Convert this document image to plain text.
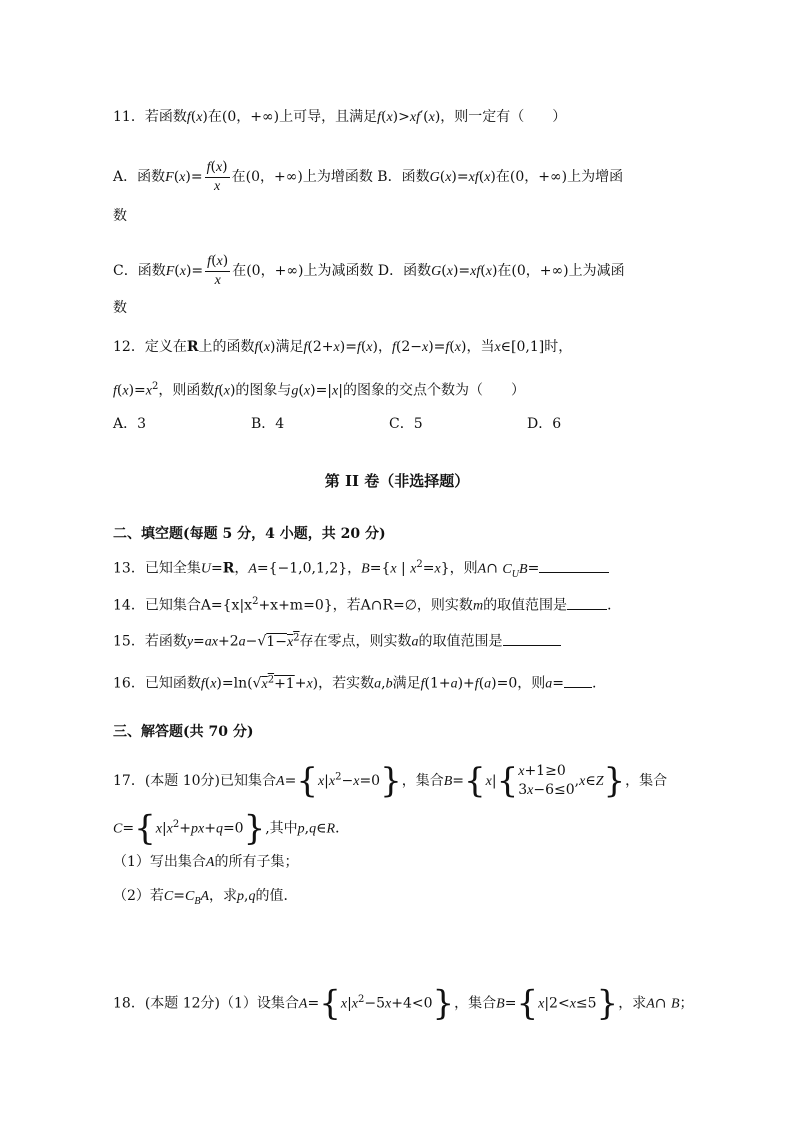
11．若函数f(x)在(0，+∞)上可导，且满足f(x)>xf′(x)，则一定有（　　）
A．函数$F(x)= \frac{f(x)}{x}$ 在(0，+∞)上为增函数 B．函数G(x)=xf(x)在(0，+∞)上为增函
数
C．函数$F(x)= \frac{f(x)}{x}$ 在(0，+∞)上为减函数 D．函数G(x)=xf(x)在(0，+∞)上为减函
数
12．定义在R上的函数f(x)满足f(2+x)=f(x)，f(2−x)=f(x)，当x∈[0,1]时，
$f(x)=x^2$，则函数f(x)的图象与g(x)=|x|的图象的交点个数为（　　）
A．3	B．4	C．5	D．6
第 II 卷（非选择题）
二、填空题(每题 5 分，4 小题，共 20 分)
13．已知全集U=R，A={−1,0,1,2}，B={x | $x^2=x$}，则A∩ $C_UB=$
14．已知集合$A=\{x|x^2+x+m=0\}$，若A∩R=∅，则实数m的取值范围是	．
15．若函数$y=ax+2a-√1-x^2$存在零点，则实数a的取值范围是
16．已知函数$f(x)=\ln(√x^2+1+x)$，若实数a,b满足f(1+a)+f(a)=0，则a= .
三、解答题(共 70 分)
17．(本题 10分)已知集合$A=\{x|x^2-x=0\}$，集合B={x|{ x+1≥0
3x−6≤0
,x∈Z}，集合
$C=\{x|x^2+px+q=0\}$,其中p,q∈R．
（1）写出集合A的所有子集；
（2）若$C=C_BA$，求p,q的值．
18．(本题 12分)（1）设集合$A=\{x|x^2-5x+4<0\}$，集合B={x|2<x≤5}，求A∩ B；
